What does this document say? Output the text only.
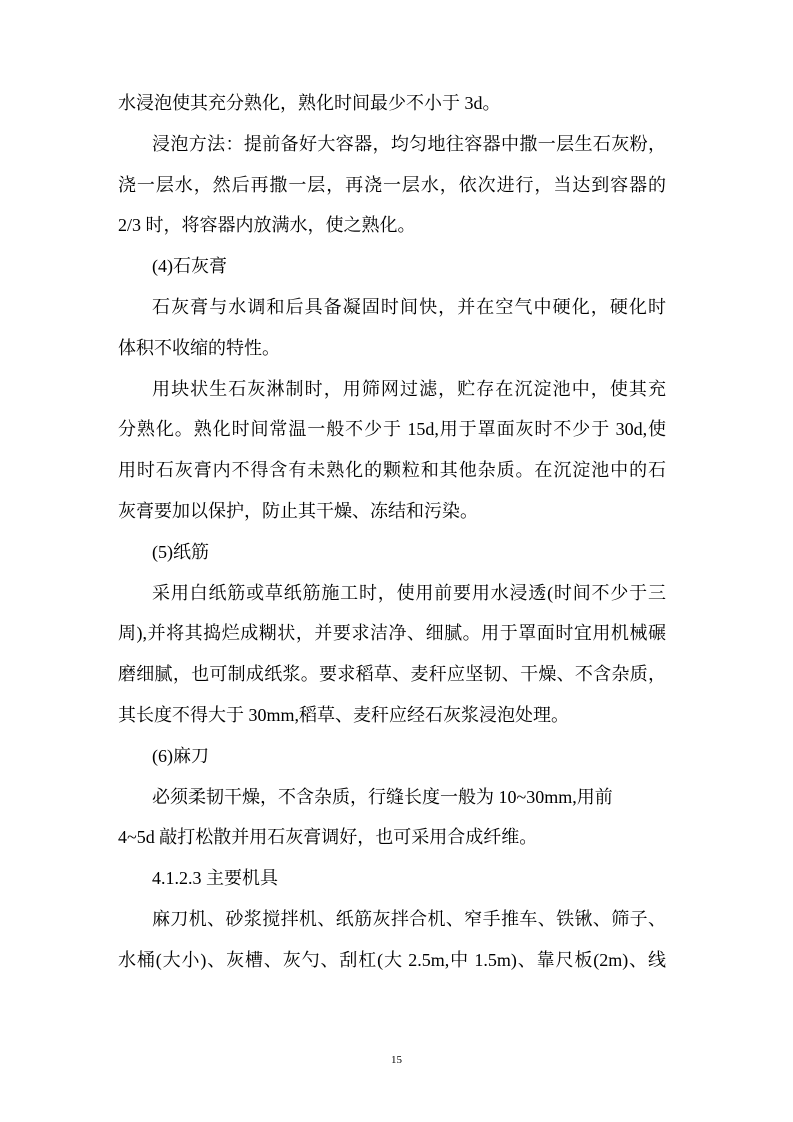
水浸泡使其充分熟化，熟化时间最少不小于 3d。
浸泡方法：提前备好大容器，均匀地往容器中撒一层生石灰粉，
浇一层水，然后再撒一层，再浇一层水，依次进行，当达到容器的
2/3 时，将容器内放满水，使之熟化。
(4)石灰膏
石灰膏与水调和后具备凝固时间快，并在空气中硬化，硬化时
体积不收缩的特性。
用块状生石灰淋制时，用筛网过滤，贮存在沉淀池中，使其充
分熟化。熟化时间常温一般不少于 15d,用于罩面灰时不少于 30d,使
用时石灰膏内不得含有未熟化的颗粒和其他杂质。在沉淀池中的石
灰膏要加以保护，防止其干燥、冻结和污染。
(5)纸筋
采用白纸筋或草纸筋施工时，使用前要用水浸透(时间不少于三
周),并将其捣烂成糊状，并要求洁净、细腻。用于罩面时宜用机械碾
磨细腻，也可制成纸浆。要求稻草、麦秆应坚韧、干燥、不含杂质，
其长度不得大于 30mm,稻草、麦秆应经石灰浆浸泡处理。
(6)麻刀
必须柔韧干燥，不含杂质，行缝长度一般为 10~30mm,用前
4~5d 敲打松散并用石灰膏调好，也可采用合成纤维。
4.1.2.3 主要机具
麻刀机、砂浆搅拌机、纸筋灰拌合机、窄手推车、铁锹、筛子、
水桶(大小)、灰槽、灰勺、刮杠(大 2.5m,中 1.5m)、靠尺板(2m)、线
15
